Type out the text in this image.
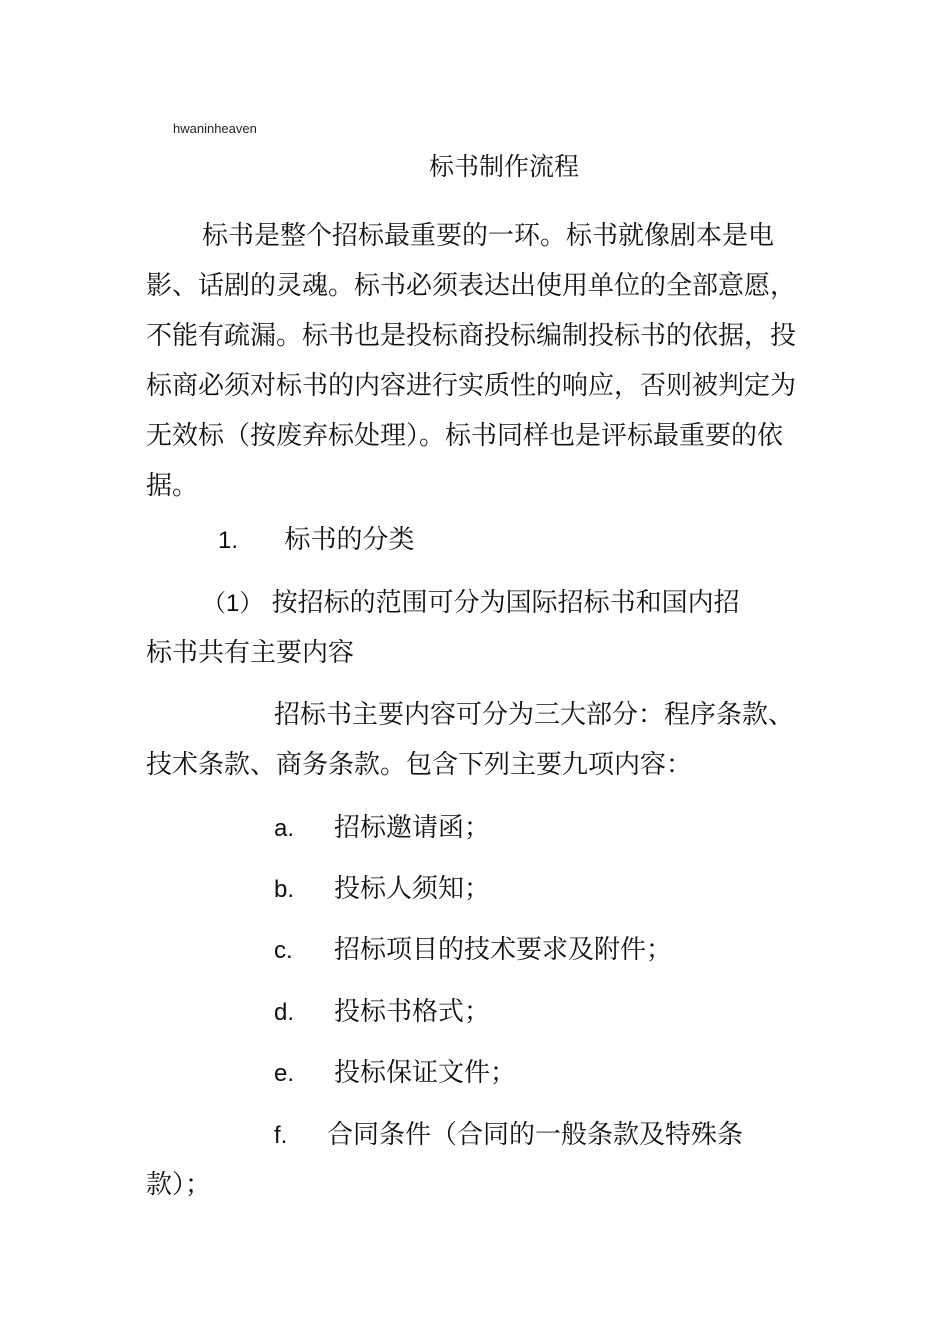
hwaninheaven
标书制作流程

标书是整个招标最重要的一环。标书就像剧本是电影、话剧的灵魂。标书必须表达出使用单位的全部意愿，不能有疏漏。标书也是投标商投标编制投标书的依据，投标商必须对标书的内容进行实质性的响应，否则被判定为无效标（按废弃标处理）。标书同样也是评标最重要的依据。

1. 标书的分类
（1） 按招标的范围可分为国际招标书和国内招
标书共有主要内容

招标书主要内容可分为三大部分：程序条款、技术条款、商务条款。包含下列主要九项内容：

a. 招标邀请函；
b. 投标人须知；
c. 招标项目的技术要求及附件；
d. 投标书格式；
e. 投标保证文件；
f. 合同条件（合同的一般条款及特殊条
款）；
